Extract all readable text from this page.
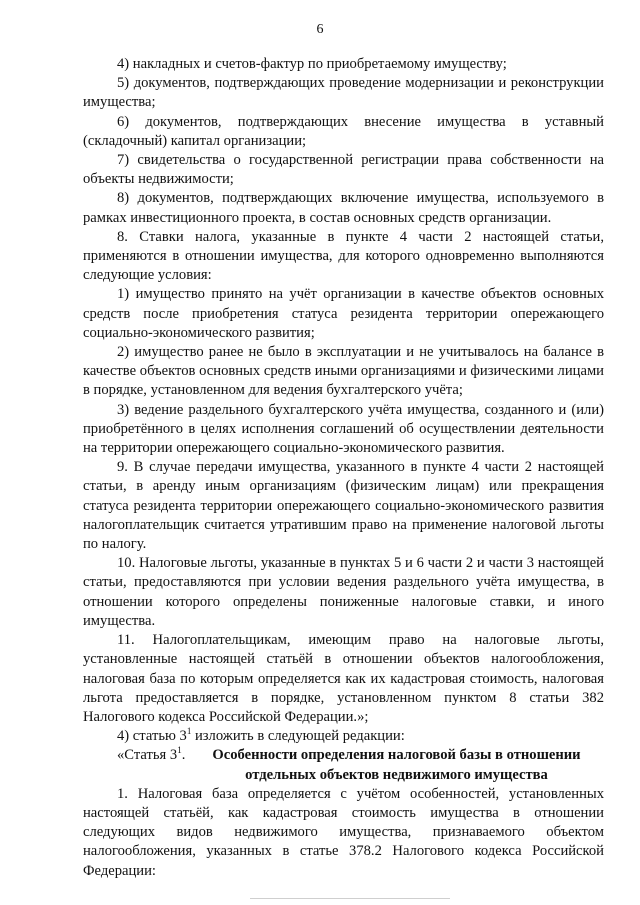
6

4) накладных и счетов-фактур по приобретаемому имуществу;

5) документов, подтверждающих проведение модернизации и реконструкции имущества;

6) документов, подтверждающих внесение имущества в уставный (складочный) капитал организации;

7) свидетельства о государственной регистрации права собственности на объекты недвижимости;

8) документов, подтверждающих включение имущества, используемого в рамках инвестиционного проекта, в состав основных средств организации.

8. Ставки налога, указанные в пункте 4 части 2 настоящей статьи, применяются в отношении имущества, для которого одновременно выполняются следующие условия:

1) имущество принято на учёт организации в качестве объектов основных средств после приобретения статуса резидента территории опережающего социально-экономического развития;

2) имущество ранее не было в эксплуатации и не учитывалось на балансе в качестве объектов основных средств иными организациями и физическими лицами в порядке, установленном для ведения бухгалтерского учёта;

3) ведение раздельного бухгалтерского учёта имущества, созданного и (или) приобретённого в целях исполнения соглашений об осуществлении деятельности на территории опережающего социально-экономического развития.

9. В случае передачи имущества, указанного в пункте 4 части 2 настоящей статьи, в аренду иным организациям (физическим лицам) или прекращения статуса резидента территории опережающего социально-экономического развития налогоплательщик считается утратившим право на применение налоговой льготы по налогу.

10. Налоговые льготы, указанные в пунктах 5 и 6 части 2 и части 3 настоящей статьи, предоставляются при условии ведения раздельного учёта имущества, в отношении которого определены пониженные налоговые ставки, и иного имущества.

11. Налогоплательщикам, имеющим право на налоговые льготы, установленные настоящей статьёй в отношении объектов налогообложения, налоговая база по которым определяется как их кадастровая стоимость, налоговая льгота предоставляется в порядке, установленном пунктом 8 статьи 382 Налогового кодекса Российской Федерации.»;

4) статью $3^1$ изложить в следующей редакции:

«Статья $3^1$.	Особенности определения налоговой базы в отношении отдельных объектов недвижимого имущества

1. Налоговая база определяется с учётом особенностей, установленных настоящей статьёй, как кадастровая стоимость имущества в отношении следующих видов недвижимого имущества, признаваемого объектом налогообложения, указанных в статье 378.2 Налогового кодекса Российской Федерации:
